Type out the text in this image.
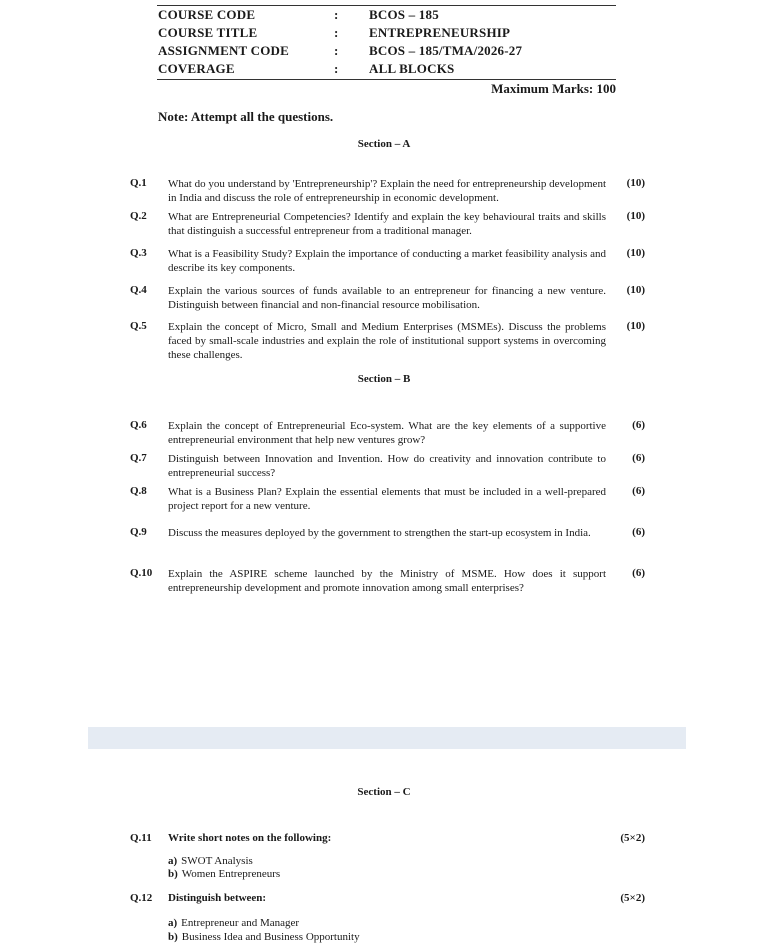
COURSE CODE	: BCOS – 185
COURSE TITLE	: ENTREPRENEURSHIP
ASSIGNMENT CODE	: BCOS – 185/TMA/2026-27
COVERAGE	: ALL BLOCKS
Maximum Marks: 100
Note: Attempt all the questions.
Section – A
Q.1 What do you understand by 'Entrepreneurship'? Explain the need for entrepreneurship development in India and discuss the role of entrepreneurship in economic development.
(10)
Q.2 What are Entrepreneurial Competencies? Identify and explain the key behavioural traits and skills that distinguish a successful entrepreneur from a traditional manager.
(10)
Q.3 What is a Feasibility Study? Explain the importance of conducting a market feasibility analysis and describe its key components.
(10)
Q.4 Explain the various sources of funds available to an entrepreneur for financing a new venture. Distinguish between financial and non-financial resource mobilisation.
(10)
Q.5 Explain the concept of Micro, Small and Medium Enterprises (MSMEs). Discuss the problems faced by small-scale industries and explain the role of institutional support systems in overcoming these challenges.
(10)
Section – B
Q.6 Explain the concept of Entrepreneurial Eco-system. What are the key elements of a supportive entrepreneurial environment that help new ventures grow?
(6)
Q.7 Distinguish between Innovation and Invention. How do creativity and innovation contribute to entrepreneurial success?
(6)
Q.8 What is a Business Plan? Explain the essential elements that must be included in a well-prepared project report for a new venture.
(6)
Q.9 Discuss the measures deployed by the government to strengthen the start-up ecosystem in India.	(6)
Q.10 Explain the ASPIRE scheme launched by the Ministry of MSME. How does it support entrepreneurship development and promote innovation among small enterprises?
(6)
Section – C
Q.11 Write short notes on the following:	(5×2)
a) SWOT Analysis
b) Women Entrepreneurs
Q.12 Distinguish between:	(5×2)
a) Entrepreneur and Manager
b) Business Idea and Business Opportunity
